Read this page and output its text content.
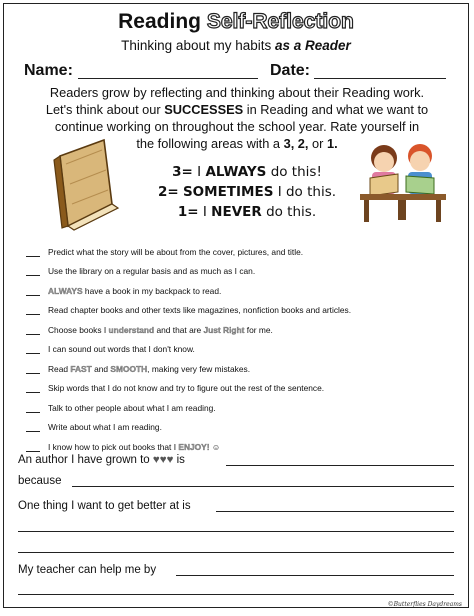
Reading Self-Reflection
Thinking about my habits as a Reader
Name:	Date:
Readers grow by reflecting and thinking about their Reading work.
Let's think about our SUCCESSES in Reading and what we want to
continue working on throughout the school year. Rate yourself in
the following areas with a 3, 2, or 1.
3= I ALWAYS do this!
2= SOMETIMES I do this.
1= I NEVER do this.
Predict what the story will be about from the cover, pictures, and title.
Use the library on a regular basis and as much as I can.
ALWAYS have a book in my backpack to read.
Read chapter books and other texts like magazines, nonfiction books and articles.
Choose books I understand and that are Just Right for me.
I can sound out words that I don't know.
Read FAST and SMOOTH, making very few mistakes.
Skip words that I do not know and try to figure out the rest of the sentence.
Talk to other people about what I am reading.
Write about what I am reading.
I know how to pick out books that I ENJOY! ☺
An author I have grown to ♥♥♥ is
because
One thing I want to get better at is
My teacher can help me by
©Butterflies Daydreams
